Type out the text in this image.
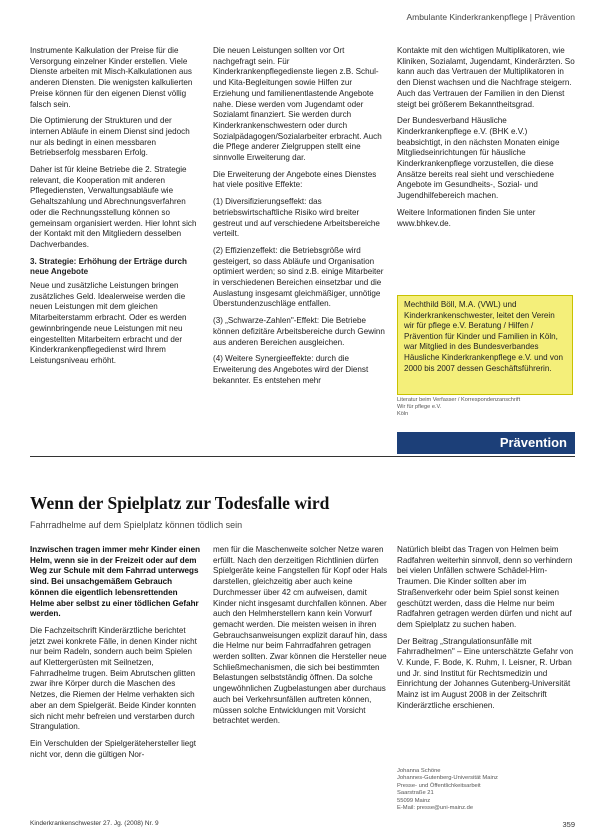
Ambulante Kinderkrankenpflege | Prävention

Instrumente Kalkulation der Preise für die Versorgung einzelner Kinder erstellen. Viele Dienste arbeiten mit Misch-Kalkulationen aus anderen Diensten. Die wenigsten kalkulierten Preise können für den eigenen Dienst völlig falsch sein.

Die Optimierung der Strukturen und der internen Abläufe in einem Dienst sind jedoch nur als bedingt in einen messbaren Betriebserfolg messbaren Erfolg.

Daher ist für kleine Betriebe die 2. Strategie relevant, die Kooperation mit anderen Pflegediensten, Verwaltungsabläufe wie Gehaltszahlung und Abrechnungsverfahren oder die Rechnungsstellung können so gemeinsam organisiert werden. Hier lohnt sich der Kontakt mit den Mitgliedern desselben Dachverbandes.

3. Strategie: Erhöhung der Erträge durch neue Angebote

Neue und zusätzliche Leistungen bringen zusätzliches Geld. Idealerweise werden die neuen Leistungen mit dem gleichen Mitarbeiterstamm erbracht. Oder es werden gewinnbringende neue Leistungen mit neu eingestellten Mitarbeitern erbracht und der Kinderkrankenpflegedienst wird Ihrem Leistungsniveau erhöht.

Die neuen Leistungen sollten vor Ort nachgefragt sein. Für Kinderkrankenpflegedienste liegen z.B. Schul- und Kita-Begleitungen sowie Hilfen zur Erziehung und familienentlastende Angebote nahe. Diese werden vom Jugendamt oder Sozialamt finanziert. Sie werden durch Kinderkrankenschwestern oder durch Sozialpädagogen/Sozialarbeiter erbracht. Auch die Pflege anderer Zielgruppen stellt eine sinnvolle Erweiterung dar.

Die Erweiterung der Angebote eines Dienstes hat viele positive Effekte:

(1) Diversifizierungseffekt: das betriebswirtschaftliche Risiko wird breiter gestreut und auf verschiedene Arbeitsbereiche verteilt.

(2) Effizienzeffekt: die Betriebsgröße wird gesteigert, so dass Abläufe und Organisation optimiert werden; so sind z.B. einige Mitarbeiter in verschiedenen Bereichen einsetzbar und die Auslastung insgesamt gleichmäßiger, unnötige Überstundenzuschläge entfallen.

(3) „Schwarze-Zahlen"-Effekt: Die Betriebe können defizitäre Arbeitsbereiche durch Gewinn aus anderen Bereichen ausgleichen.

(4) Weitere Synergieeffekte: durch die Erweiterung des Angebotes wird der Dienst bekannter. Es entstehen mehr

Kontakte mit den wichtigen Multiplikatoren, wie Kliniken, Sozialamt, Jugendamt, Kinderärzten. So kann auch das Vertrauen der Multiplikatoren in den Dienst wachsen und die Nachfrage steigern. Auch das Vertrauen der Familien in den Dienst steigt bei größerem Bekanntheitsgrad.

Der Bundesverband Häusliche Kinderkrankenpflege e.V. (BHK e.V.) beabsichtigt, in den nächsten Monaten einige Mitgliedseinrichtungen für häusliche Kinderkrankenpflege vorzustellen, die diese Ansätze bereits real sieht und verschiedene Angebote im Gesundheits-, Sozial- und Jugendhilfebereich machen.

Weitere Informationen finden Sie unter www.bhkev.de.

Mechthild Böll, M.A. (VWL) und Kinderkrankenschwester, leitet den Verein wir für pflege e.V. Beratung / Hilfen / Prävention für Kinder und Familien in Köln, war Mitglied in des Bundesverbandes Häusliche Kinderkrankenpflege e.V. und von 2000 bis 2007 dessen Geschäftsführerin.
Literatur beim Verfasser / Korrespondenzanschrift
Wir für pflege e.V.
Köln
Prävention
Wenn der Spielplatz zur Todesfalle wird
Fahrradhelme auf dem Spielplatz können tödlich sein

Inzwischen tragen immer mehr Kinder einen Helm, wenn sie in der Freizeit oder auf dem Weg zur Schule mit dem Fahrrad unterwegs sind. Bei unsachgemäßem Gebrauch können die eigentlich lebensrettenden Helme aber selbst zu einer tödlichen Gefahr werden.

Die Fachzeitschrift Kinderärztliche berichtet jetzt zwei konkrete Fälle, in denen Kinder nicht nur beim Radeln, sondern auch beim Spielen auf Klettergerüsten mit Seilnetzen, Fahrradhelme trugen. Beim Abrutschen glitten zwar ihre Körper durch die Maschen des Netzes, die Riemen der Helme verhakten sich aber an dem Spielgerät. Beide Kinder konnten sich nicht mehr befreien und verstarben durch Strangulation.

Ein Verschulden der Spielgerätehersteller liegt nicht vor, denn die gültigen Nor-

men für die Maschenweite solcher Netze waren erfüllt. Nach den derzeitigen Richtlinien dürfen Spielgeräte keine Fangstellen für Kopf oder Hals darstellen, gleichzeitig aber auch keine Durchmesser über 42 cm aufweisen, damit Kinder nicht insgesamt durchfallen können. Aber auch den Helmherstellern kann kein Vorwurf gemacht werden. Die meisten weisen in ihren Gebrauchsanweisungen explizit darauf hin, dass die Helme nur beim Fahrradfahren getragen werden sollten. Zwar können die Hersteller neue Schließmechanismen, die sich bei bestimmten Belastungen selbstständig öffnen. Da solche ungewöhnlichen Zugbelastungen aber durchaus auch bei Verkehrsunfällen auftreten können, müssen solche Entwicklungen mit Vorsicht betrachtet werden.

Natürlich bleibt das Tragen von Helmen beim Radfahren weiterhin sinnvoll, denn so verhindern bei vielen Unfällen schwere Schädel-Hirn-Traumen. Die Kinder sollten aber im Straßenverkehr oder beim Spiel sonst keinen geschützt werden, dass die Helme nur beim Radfahren getragen werden dürfen und nicht auf dem Spielplatz zu suchen haben.

Der Beitrag „Strangulationsunfälle mit Fahrradhelmen" – Eine unterschätzte Gefahr von V. Kunde, F. Bode, K. Ruhm, I. Leisner, R. Urban und Jr. sind Institut für Rechtsmedizin und Einrichtung der Johannes Gutenberg-Universität Mainz ist im August 2008 in der Zeitschrift Kinderärztliche erschienen.

Johanna Schöne
Johannes-Gutenberg-Universität Mainz
Presse- und Öffentlichkeitsarbeit
Saarstraße 21
55099 Mainz
E-Mail: presse@uni-mainz.de
Kinderkrankenschwester 27. Jg. (2008) Nr. 9	359
